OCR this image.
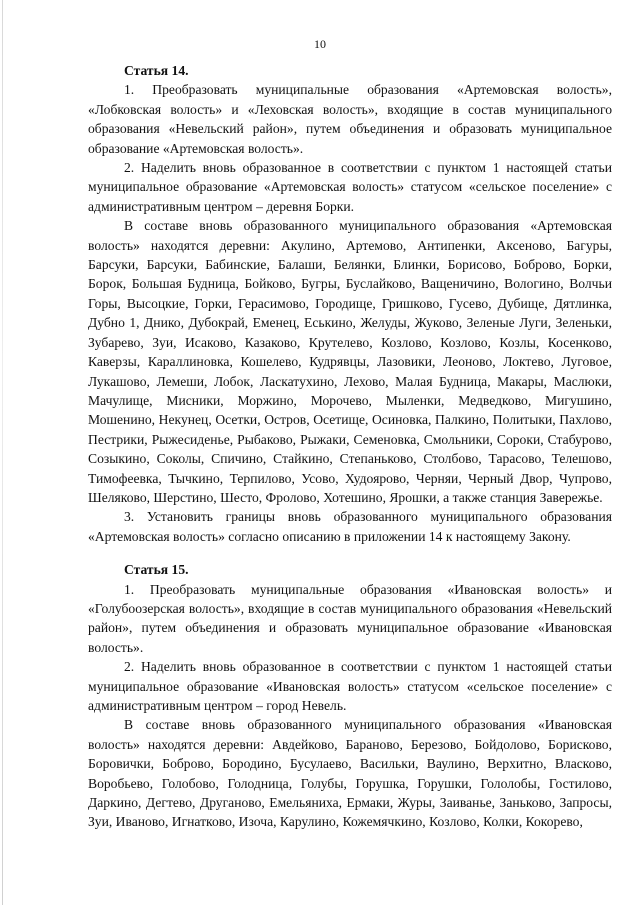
10
Статья 14.

1. Преобразовать муниципальные образования «Артемовская волость», «Лобковская волость» и «Леховская волость», входящие в состав муниципального образования «Невельский район», путем объединения и образовать муниципальное образование «Артемовская волость».

2. Наделить вновь образованное в соответствии с пунктом 1 настоящей статьи муниципальное образование «Артемовская волость» статусом «сельское поселение» с административным центром – деревня Борки.

В составе вновь образованного муниципального образования «Артемовская волость» находятся деревни: Акулино, Артемово, Антипенки, Аксеново, Багуры, Барсуки, Барсуки, Бабинские, Балаши, Белянки, Блинки, Борисово, Боброво, Борки, Борок, Большая Будница, Бойково, Бугры, Буслайково, Ващеничино, Вологино, Волчьи Горы, Высоцкие, Горки, Герасимово, Городище, Гришково, Гусево, Дубище, Дятлинка, Дубно 1, Днико, Дубокрай, Еменец, Еськино, Желуды, Жуково, Зеленые Луги, Зеленьки, Зубарево, Зуи, Исаково, Казаково, Крутелево, Козлово, Козлово, Козлы, Косенково, Каверзы, Караллиновка, Кошелево, Кудрявцы, Лазовики, Леоново, Локтево, Луговое, Лукашово, Лемеши, Лобок, Ласкатухино, Лехово, Малая Будница, Макары, Маслюки, Мачулище, Мисники, Моржино, Морочево, Мыленки, Медведково, Мигушино, Мошенино, Некунец, Осетки, Остров, Осетище, Осиновка, Палкино, Политыки, Пахлово, Пестрики, Рыжесиденье, Рыбаково, Рыжаки, Семеновка, Смольники, Сороки, Стабурово, Созыкино, Соколы, Спичино, Стайкино, Степаньково, Столбово, Тарасово, Телешово, Тимофеевка, Тычкино, Терпилово, Усово, Худоярово, Черняи, Черный Двор, Чупрово, Шеляково, Шерстино, Шесто, Фролово, Хотешино, Ярошки, а также станция Завережье.

3. Установить границы вновь образованного муниципального образования «Артемовская волость» согласно описанию в приложении 14 к настоящему Закону.

Статья 15.

1. Преобразовать муниципальные образования «Ивановская волость» и «Голубоозерская волость», входящие в состав муниципального образования «Невельский район», путем объединения и образовать муниципальное образование «Ивановская волость».

2. Наделить вновь образованное в соответствии с пунктом 1 настоящей статьи муниципальное образование «Ивановская волость» статусом «сельское поселение» с административным центром – город Невель.

В составе вновь образованного муниципального образования «Ивановская волость» находятся деревни: Авдейково, Бараново, Березово, Бойдолово, Борисково, Боровички, Боброво, Бородино, Бусулаево, Васильки, Ваулино, Верхитно, Власково, Воробьево, Голобово, Голодница, Голубы, Горушка, Горушки, Гололобы, Гостилово, Даркино, Дегтево, Друганово, Емельяниха, Ермаки, Журы, Заиванье, Заньково, Запросы, Зуи, Иваново, Игнатково, Изоча, Карулино, Кожемячкино, Козлово, Колки, Кокорево,
